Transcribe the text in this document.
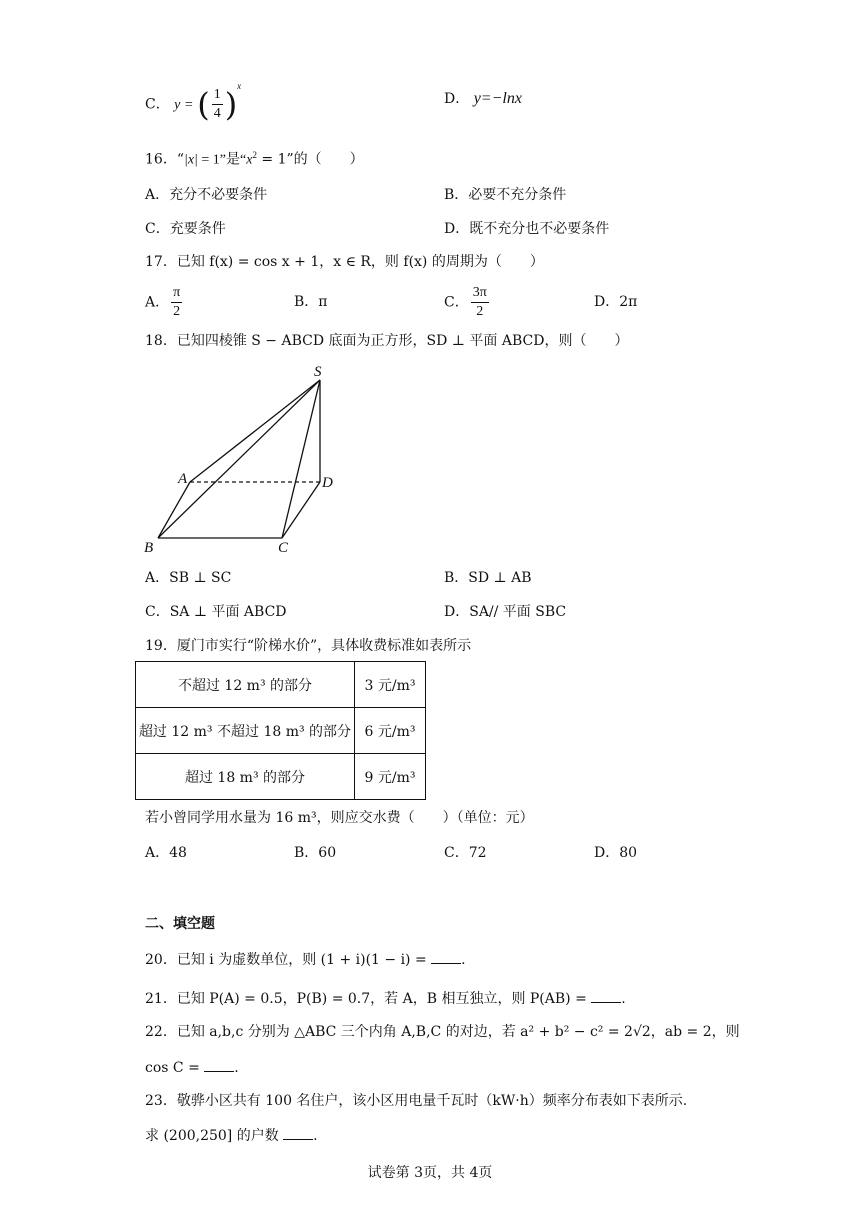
C． y = ( $\frac{1}{4} )^x$
D． y=−lnx
16．“|x| = 1”是“$x^2 = 1$”的（　　）
A．充分不必要条件	B．必要不充分条件
C．充要条件	D．既不充分也不必要条件
17．已知 f(x) = cos x + 1，x ∈ R，则 f(x) 的周期为（　　）
A． $\frac{\pi}{2}$	B．π	C． $\frac{3\pi}{2}$	D．2π
18．已知四棱锥 S − ABCD 底面为正方形，SD ⊥ 平面 ABCD，则（　　）
S
A
B	C
D
A．SB ⊥ SC	B．SD ⊥ AB
C．SA ⊥ 平面 ABCD	D．SA// 平面 SBC
19．厦门市实行“阶梯水价”，具体收费标准如表所示
不超过 12 m³ 的部分	3 元/m³
超过 12 m³ 不超过 18 m³ 的部分	6 元/m³
超过 18 m³ 的部分	9 元/m³
若小曾同学用水量为 16 m³，则应交水费（　　）（单位：元）
A．48	B．60	C．72	D．80
二、填空题
20．已知 i 为虚数单位，则 (1 + i)(1 − i) = .
21．已知 P(A) = 0.5，P(B) = 0.7，若 A，B 相互独立，则 P(AB) = .
22．已知 a,b,c 分别为 △ABC 三个内角 A,B,C 的对边，若 a² + b² − c² = 2√2，ab = 2，则
cos C = .
23．敬骅小区共有 100 名住户，该小区用电量千瓦时（kW·h）频率分布表如下表所示.
求 (200,250] 的户数 .
试卷第 3页，共 4页
